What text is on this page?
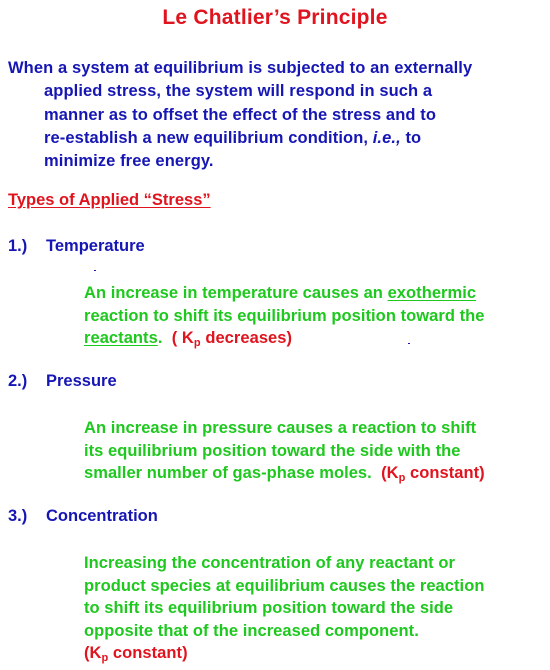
Le Chatlier’s Principle
When a system at equilibrium is subjected to an externally
applied stress, the system will respond in such a
manner as to offset the effect of the stress and to
re-establish a new equilibrium condition, i.e., to
minimize free energy.
Types of Applied “Stress”
1.) Temperature
An increase in temperature causes an exothermic
reaction to shift its equilibrium position toward the
reactants. ( $K_p$ decreases)
2.) Pressure
An increase in pressure causes a reaction to shift
its equilibrium position toward the side with the
smaller number of gas-phase moles. ($K_p$ constant)
3.) Concentration
Increasing the concentration of any reactant or
product species at equilibrium causes the reaction
to shift its equilibrium position toward the side
opposite that of the increased component.
($K_p$ constant)
